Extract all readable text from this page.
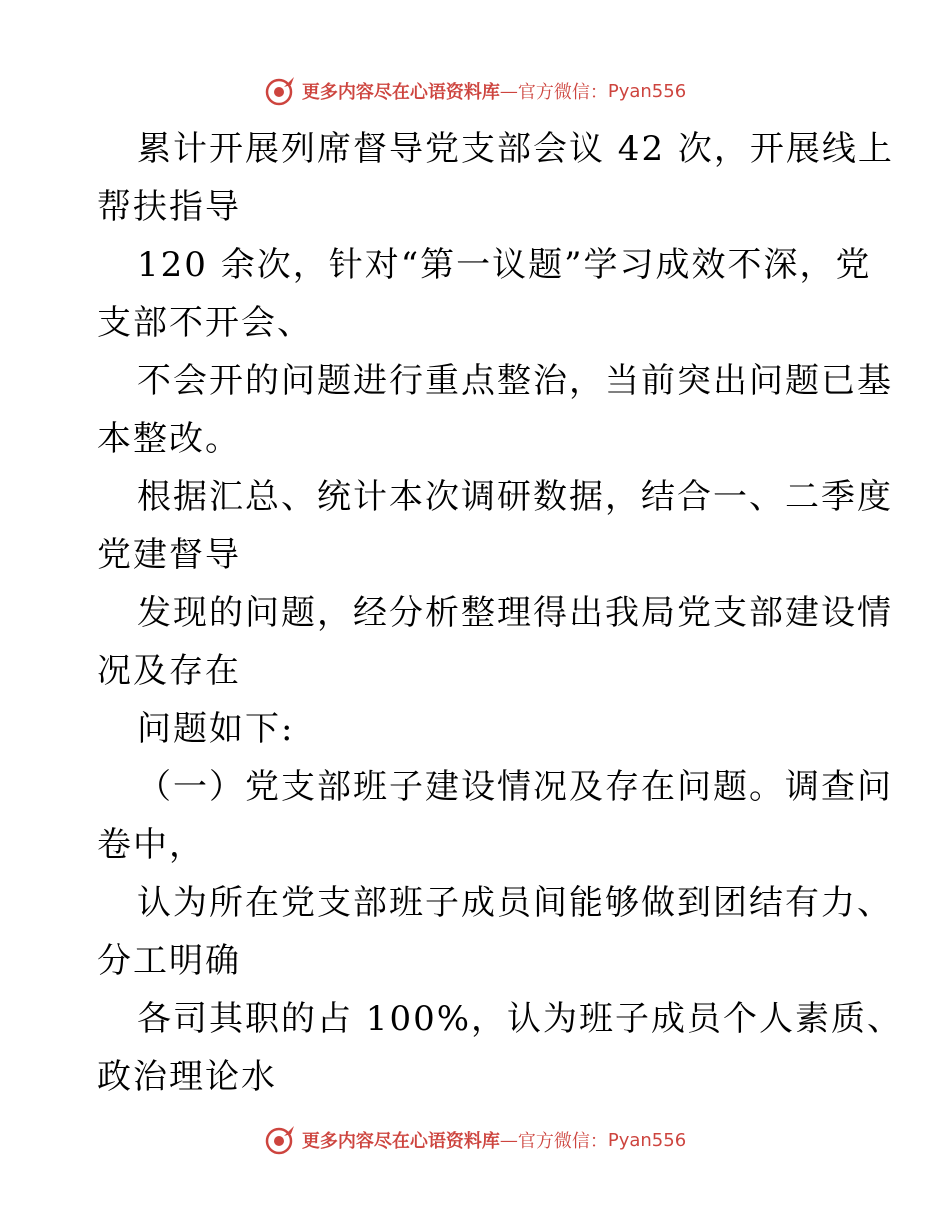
更多内容尽在心语资料库 — 官方微信： Pyan556
累计开展列席督导党支部会议 42 次，开展线上
帮扶指导
120 余次，针对“第一议题”学习成效不深，党
支部不开会、
不会开的问题进行重点整治，当前突出问题已基
本整改。
根据汇总、统计本次调研数据，结合一、二季度
党建督导
发现的问题，经分析整理得出我局党支部建设情
况及存在
问题如下:
（一）党支部班子建设情况及存在问题。调查问
卷中，
认为所在党支部班子成员间能够做到团结有力、
分工明确
各司其职的占 100%，认为班子成员个人素质、
政治理论水
更多内容尽在心语资料库 — 官方微信： Pyan556
